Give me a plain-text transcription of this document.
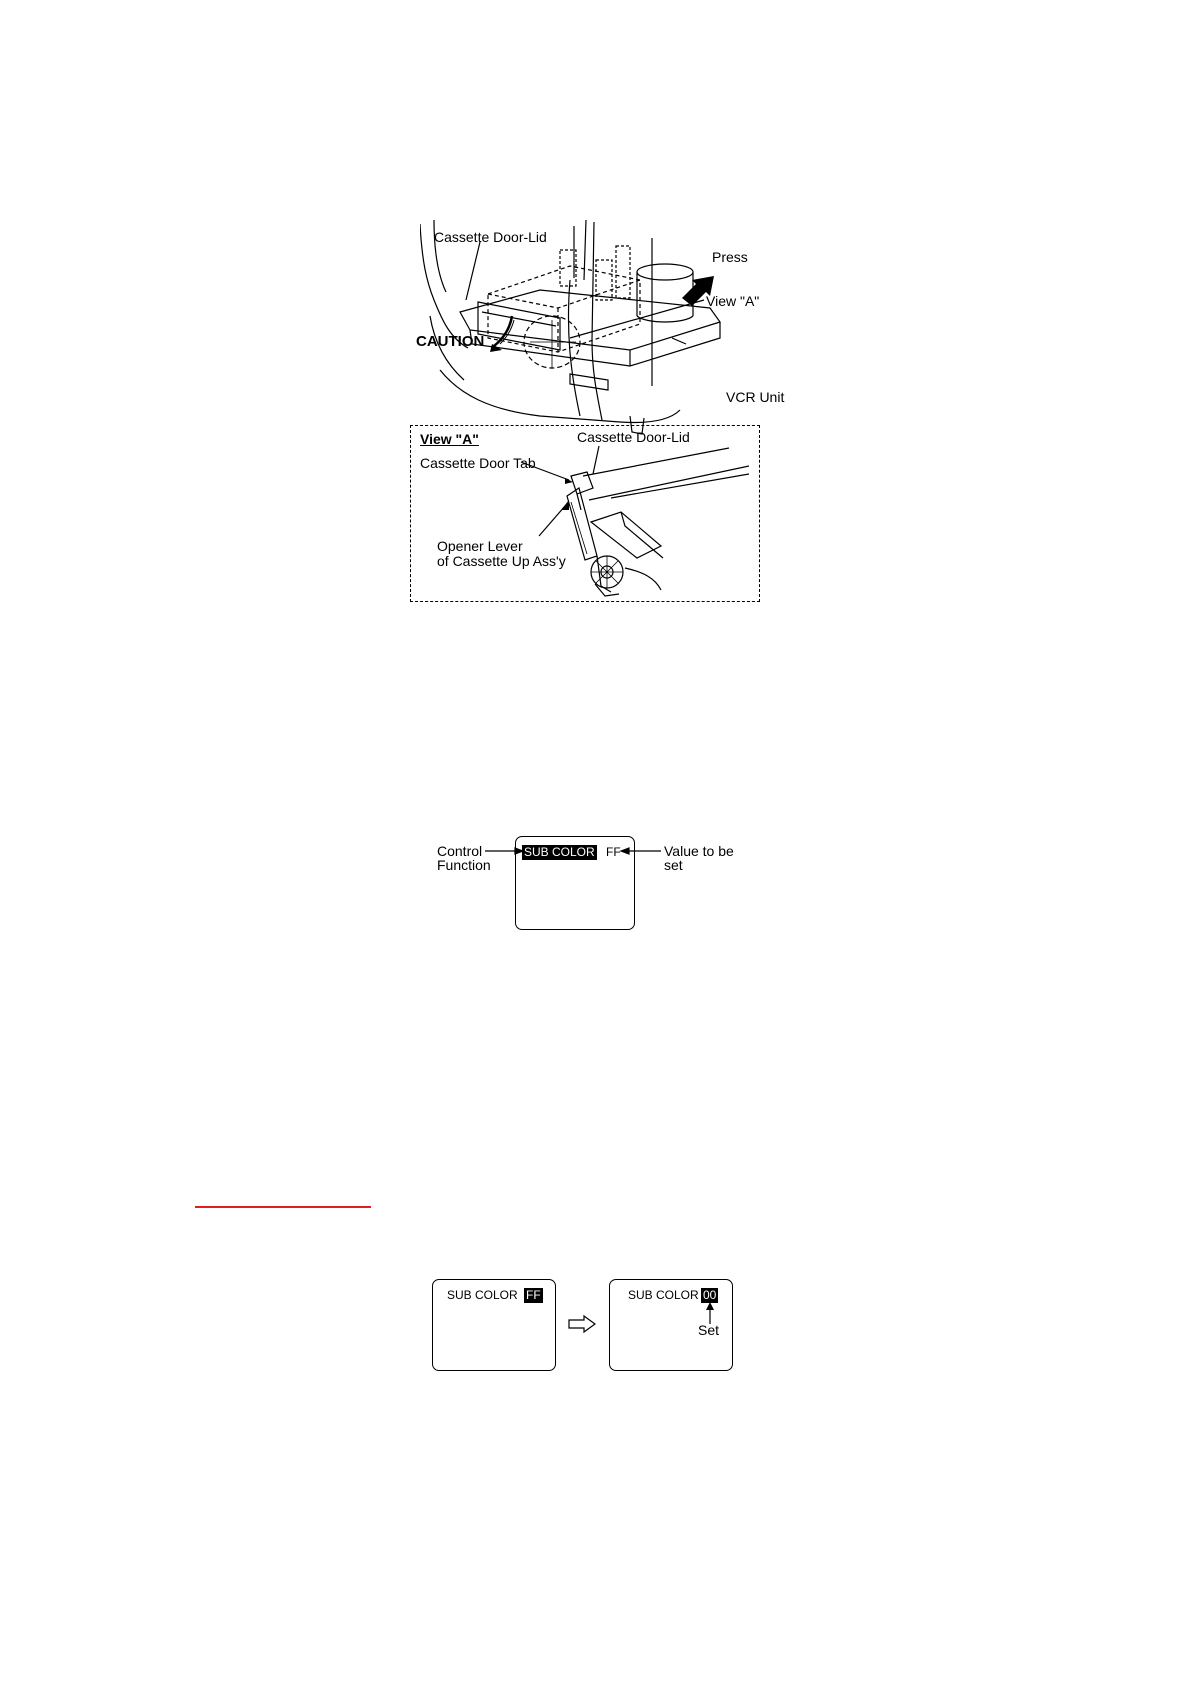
Cassette Door-Lid
Press
View "A"
CAUTION
VCR Unit
View "A"	Cassette Door-Lid
Cassette Door Tab
Opener Lever
of Cassette Up Ass'y
Control
Function
SUB COLOR FF	Value to be
set
SUB COLOR FF	SUB COLOR 00
Set
